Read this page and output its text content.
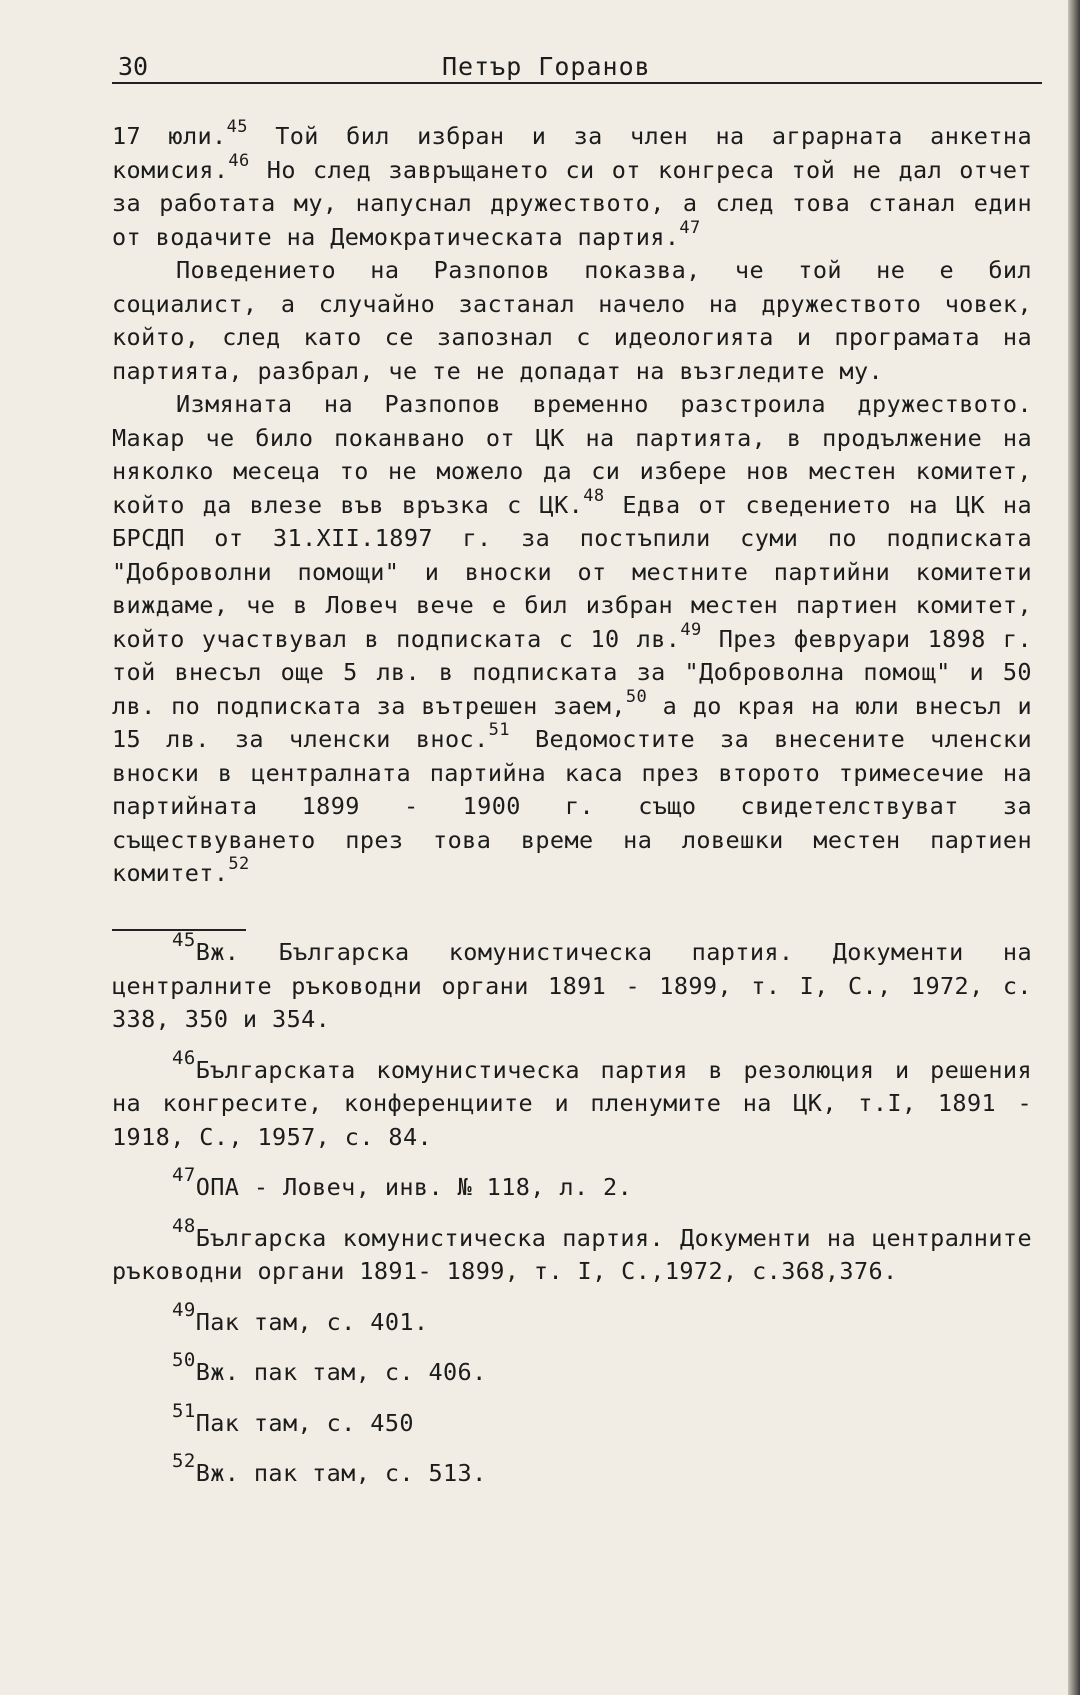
30	Петър Горанов

17 юли.$^{45}$ Той бил избран и за член на аграрната анкетна комисия.$^{46}$ Но след завръщането си от конгреса той не дал отчет за работата му, напуснал дружеството, а след това станал един от водачите на Демократическата партия.$^{47}$

Поведението на Разпопов показва, че той не е бил социалист, а случайно застанал начело на дружеството човек, който, след като се запознал с идеологията и програмата на партията, разбрал, че те не допадат на възгледите му.

Измяната на Разпопов временно разстроила дружеството. Макар че било поканвано от ЦК на партията, в продължение на няколко месеца то не можело да си избере нов местен комитет, който да влезе във връзка с ЦК.$^{48}$ Едва от сведението на ЦК на БРСДП от 31.XII.1897 г. за постъпили суми по подписката "Доброволни помощи" и вноски от местните партийни комитети виждаме, че в Ловеч вече е бил избран местен партиен комитет, който участвувал в подписката с 10 лв.$^{49}$ През февруари 1898 г. той внесъл още 5 лв. в подписката за "Доброволна помощ" и 50 лв. по подписката за вътрешен заем,$^{50}$ а до края на юли внесъл и 15 лв. за членски внос.$^{51}$ Ведомостите за внесените членски вноски в централната партийна каса през второто тримесечие на партийната 1899 - 1900 г. също свидетелствуват за съществуването през това време на ловешки местен партиен комитет.$^{52}$

$^{45}$Вж. Българска комунистическа партия. Документи на централните ръководни органи 1891 - 1899, т. I, С., 1972, с. 338, 350 и 354.

$^{46}$Българската комунистическа партия в резолюция и решения на конгресите, конференциите и пленумите на ЦК, т.I, 1891 - 1918, С., 1957, с. 84.

$^{47}$ОПА - Ловеч, инв. № 118, л. 2.

$^{48}$Българска комунистическа партия. Документи на централните ръководни органи 1891- 1899, т. I, С.,1972, с.368,376.

$^{49}$Пак там, с. 401.

$^{50}$Вж. пак там, с. 406.

$^{51}$Пак там, с. 450

$^{52}$Вж. пак там, с. 513.
